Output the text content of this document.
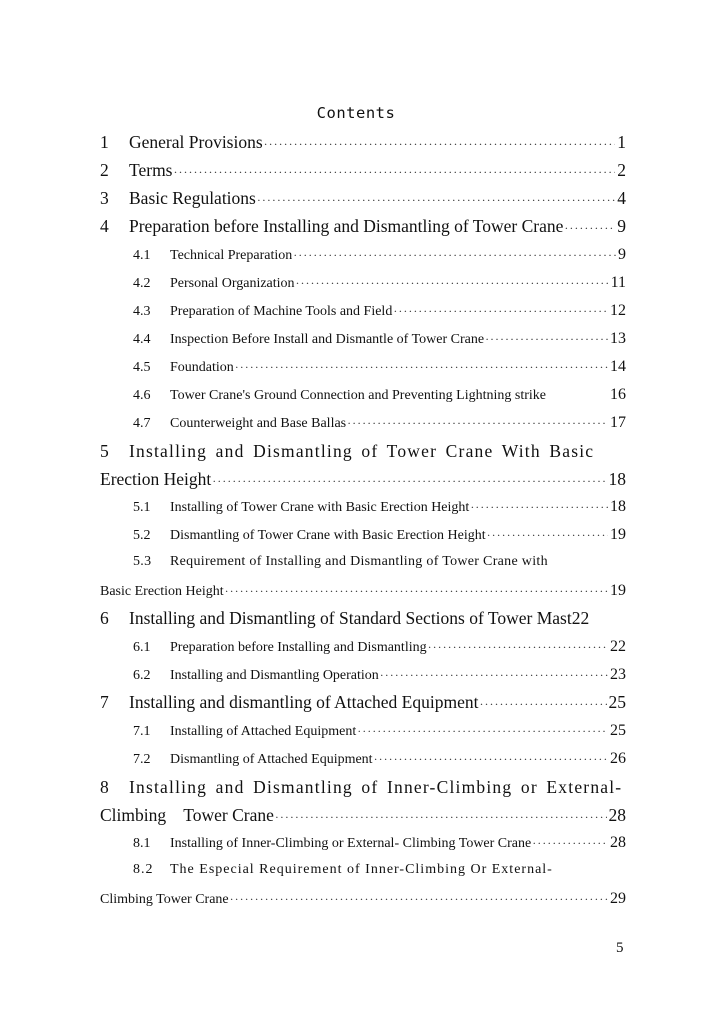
Contents
1	General Provisions ·····	1
2	Terms ·····	2
3	Basic Regulations ·····	4
4	Preparation before Installing and Dismantling of Tower Crane ·····	9
4.1	Technical Preparation ·····	9
4.2	Personal Organization ·····	11
4.3	Preparation of Machine Tools and Field ·····	12
4.4	Inspection Before Install and Dismantle of Tower Crane ·····	13
4.5	Foundation ·····	14
4.6	Tower Crane's Ground Connection and Preventing Lightning strike	16
4.7	Counterweight and Base Ballas ·····	17
5	Installing and Dismantling of Tower Crane With Basic
Erection Height ·····	18
5.1	Installing of Tower Crane with Basic Erection Height ·····	18
5.2	Dismantling of Tower Crane with Basic Erection Height ·····	19
5.3	Requirement of Installing and Dismantling of Tower Crane with
Basic Erection Height ·····	19
6	Installing and Dismantling of Standard Sections of Tower Mast 22
6.1	Preparation before Installing and Dismantling ·····	22
6.2	Installing and Dismantling Operation ·····	23
7	Installing and dismantling of Attached Equipment ·····	25
7.1	Installing of Attached Equipment ·····	25
7.2	Dismantling of Attached Equipment ·····	26
8	Installing and Dismantling of Inner-Climbing or External-
Climbing    Tower Crane ·····	28
8.1	Installing of Inner-Climbing or External- Climbing Tower Crane ·····	28
8.2	The Especial Requirement of Inner-Climbing Or External-
Climbing Tower Crane ·····	29
5
